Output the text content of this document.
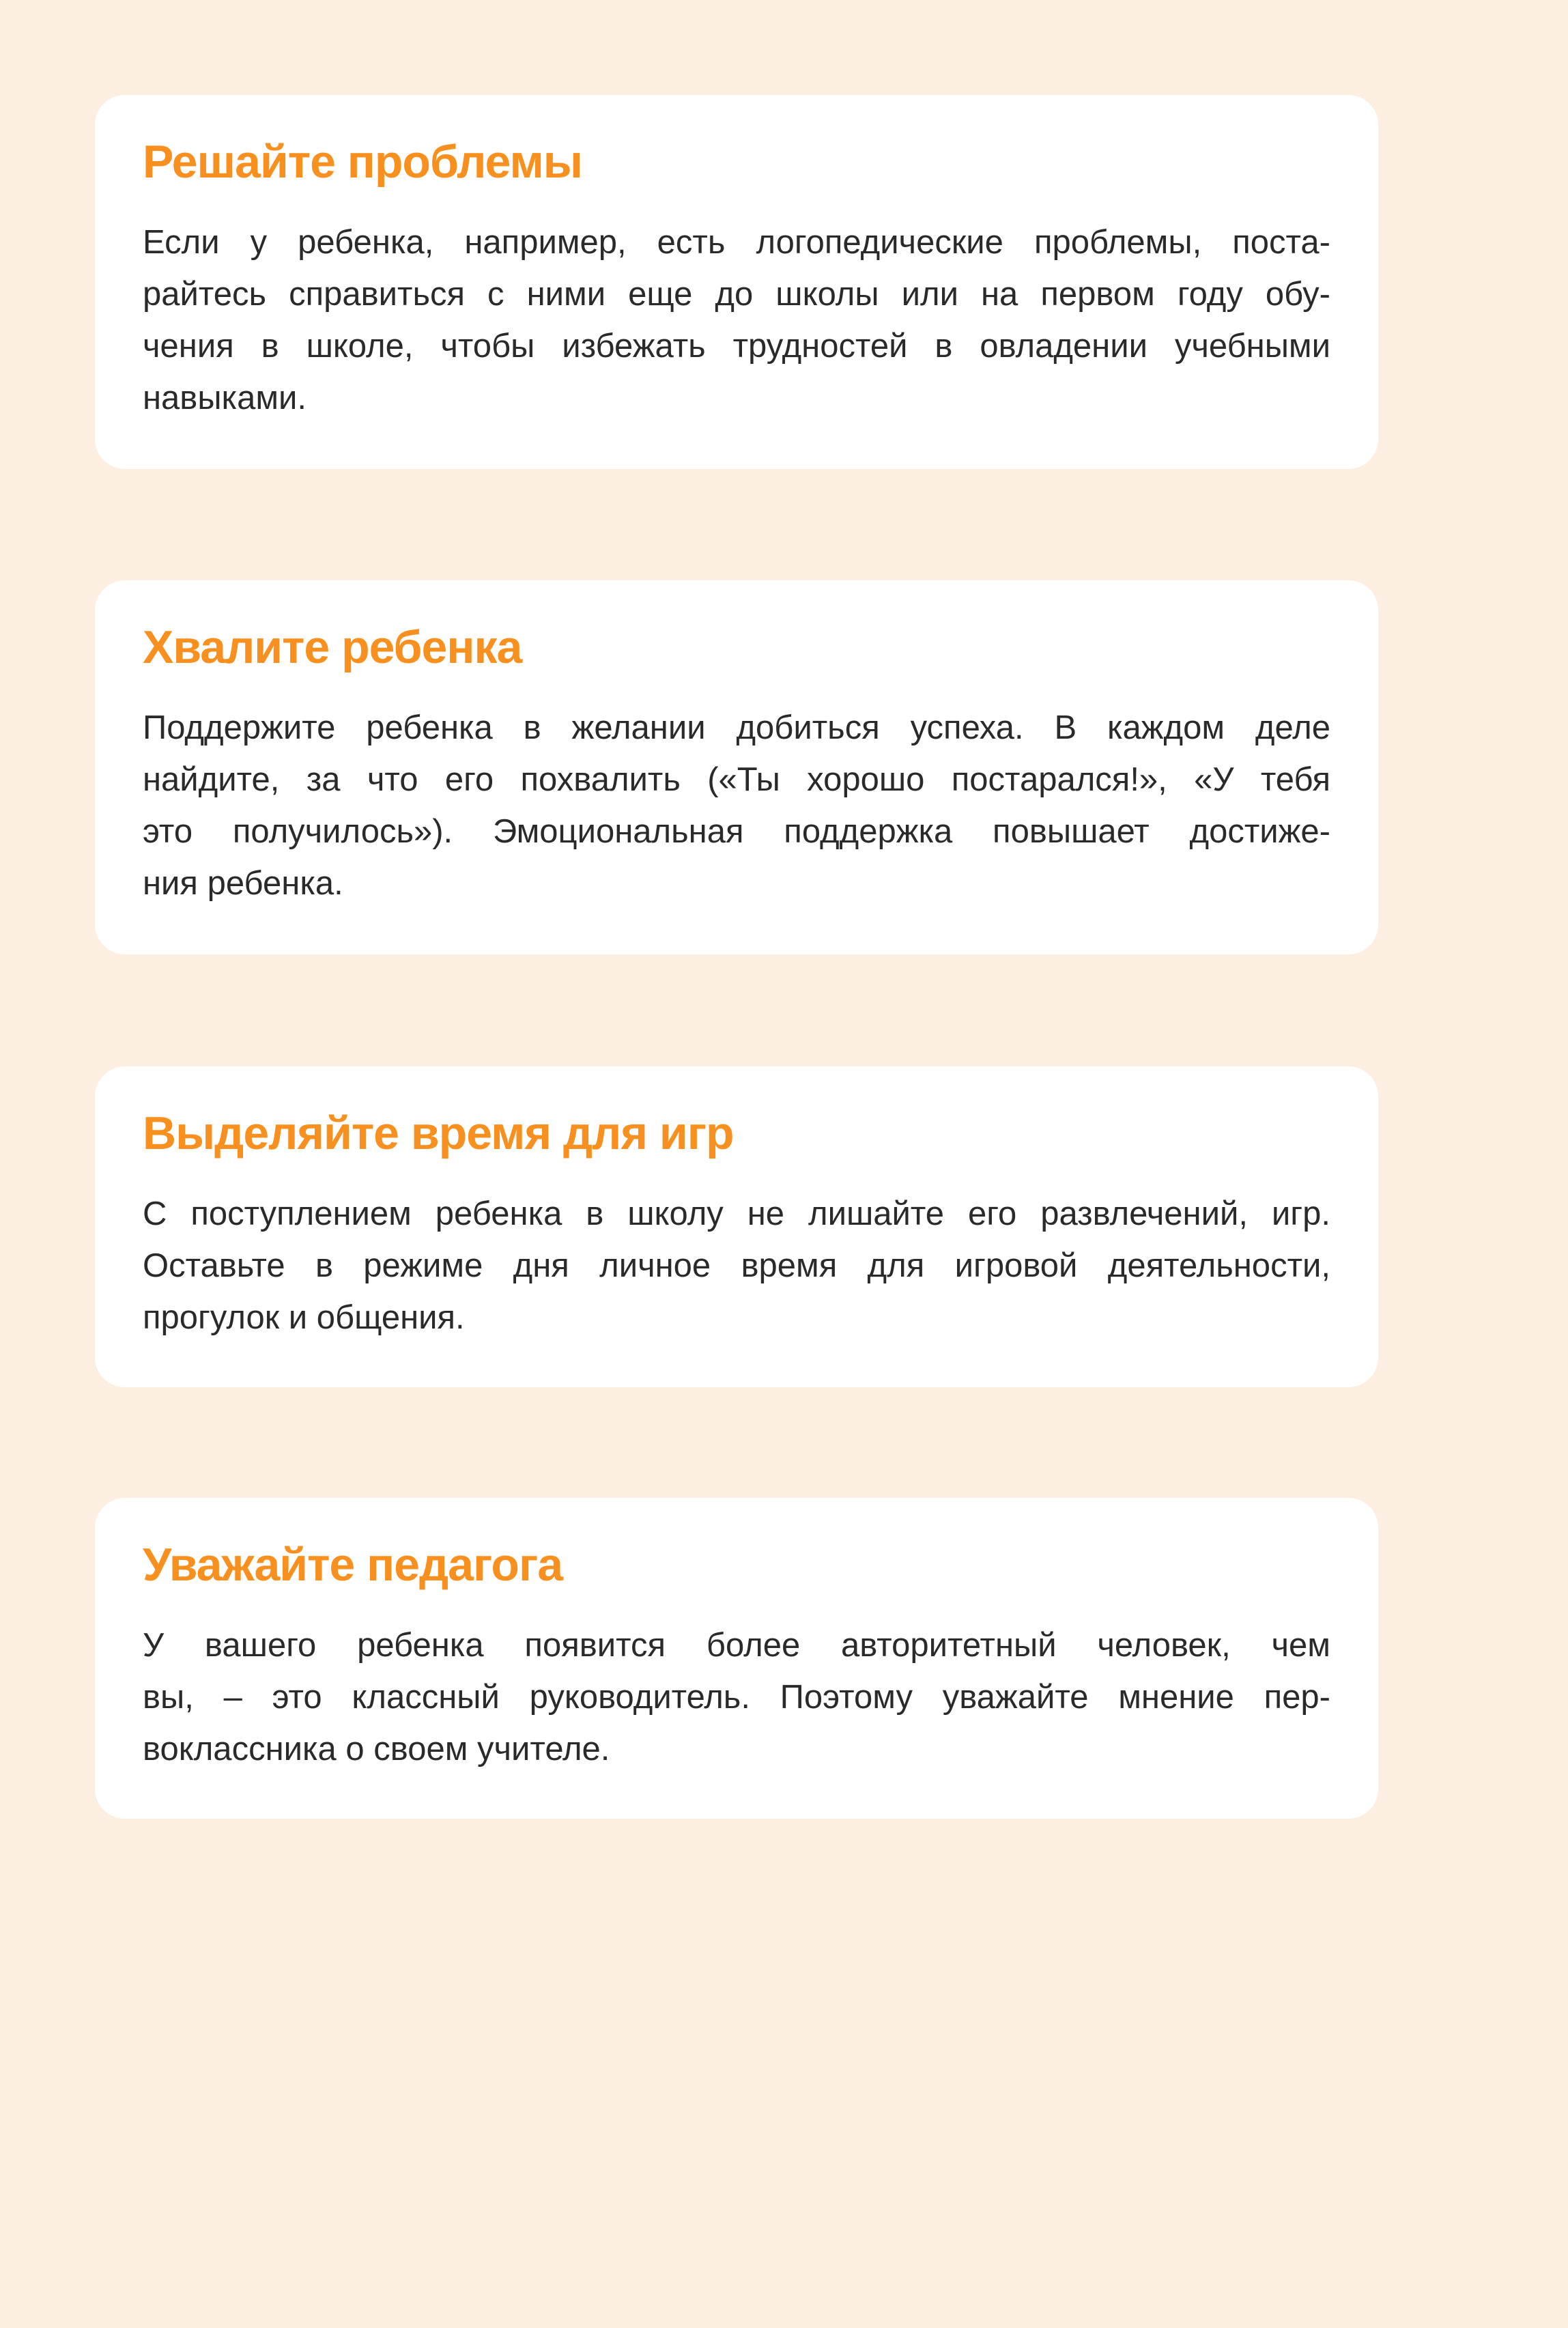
Решайте проблемы
Если у ребенка, например, есть логопедические проблемы, поста-
райтесь справиться с ними еще до школы или на первом году обу-
чения в школе, чтобы избежать трудностей в овладении учебными
навыками.
Хвалите ребенка
Поддержите ребенка в желании добиться успеха. В каждом деле
найдите, за что его похвалить («Ты хорошо постарался!», «У тебя
это получилось»). Эмоциональная поддержка повышает достиже-
ния ребенка.
Выделяйте время для игр
С поступлением ребенка в школу не лишайте его развлечений, игр.
Оставьте в режиме дня личное время для игровой деятельности,
прогулок и общения.
Уважайте педагога
У вашего ребенка появится более авторитетный человек, чем
вы, – это классный руководитель. Поэтому уважайте мнение пер-
воклассника о своем учителе.
